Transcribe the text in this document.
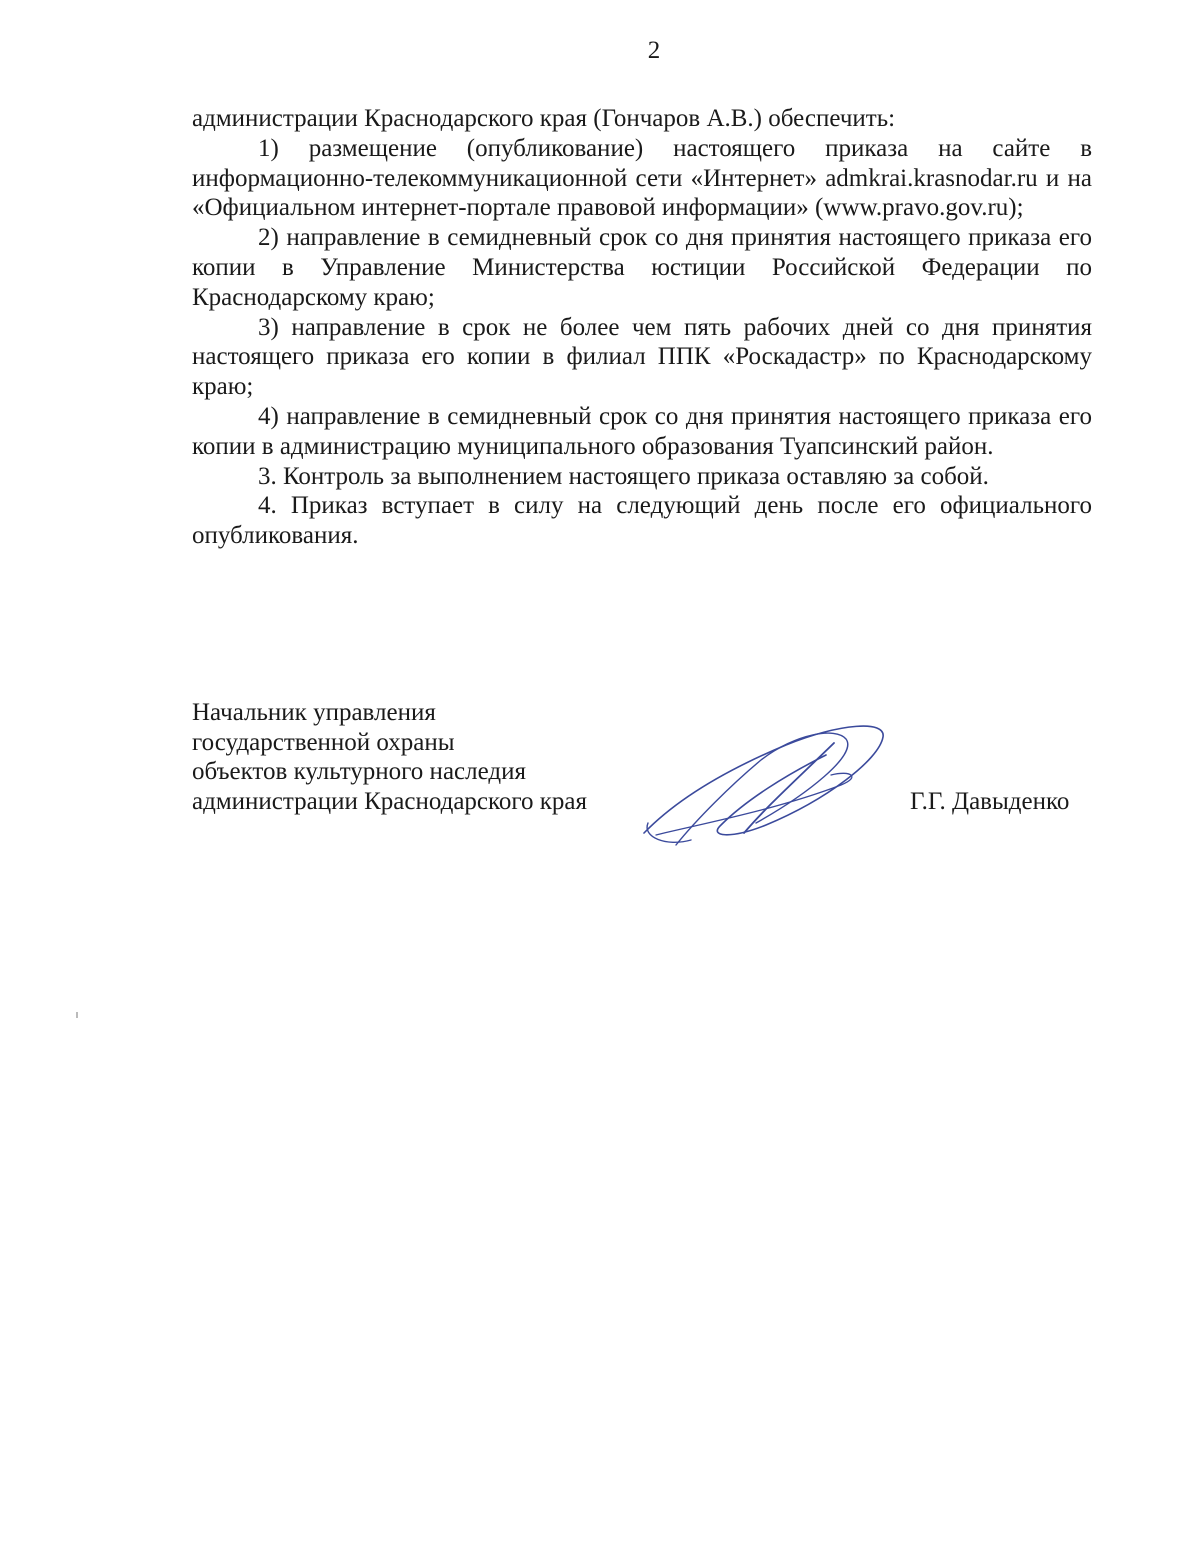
2

администрации Краснодарского края (Гончаров А.В.) обеспечить:

1) размещение (опубликование) настоящего приказа на сайте в информационно-телекоммуникационной сети «Интернет» admkrai.krasnodar.ru и на «Официальном интернет-портале правовой информации» (www.pravo.gov.ru);

2) направление в семидневный срок со дня принятия настоящего приказа его копии в Управление Министерства юстиции Российской Федерации по Краснодарскому краю;

3) направление в срок не более чем пять рабочих дней со дня принятия настоящего приказа его копии в филиал ППК «Роскадастр» по Краснодарскому краю;

4) направление в семидневный срок со дня принятия настоящего приказа его копии в администрацию муниципального образования Туапсинский район.

3. Контроль за выполнением настоящего приказа оставляю за собой.

4. Приказ вступает в силу на следующий день после его официального опубликования.

Начальник управления
государственной охраны
объектов культурного наследия
администрации Краснодарского края	Г.Г. Давыденко
